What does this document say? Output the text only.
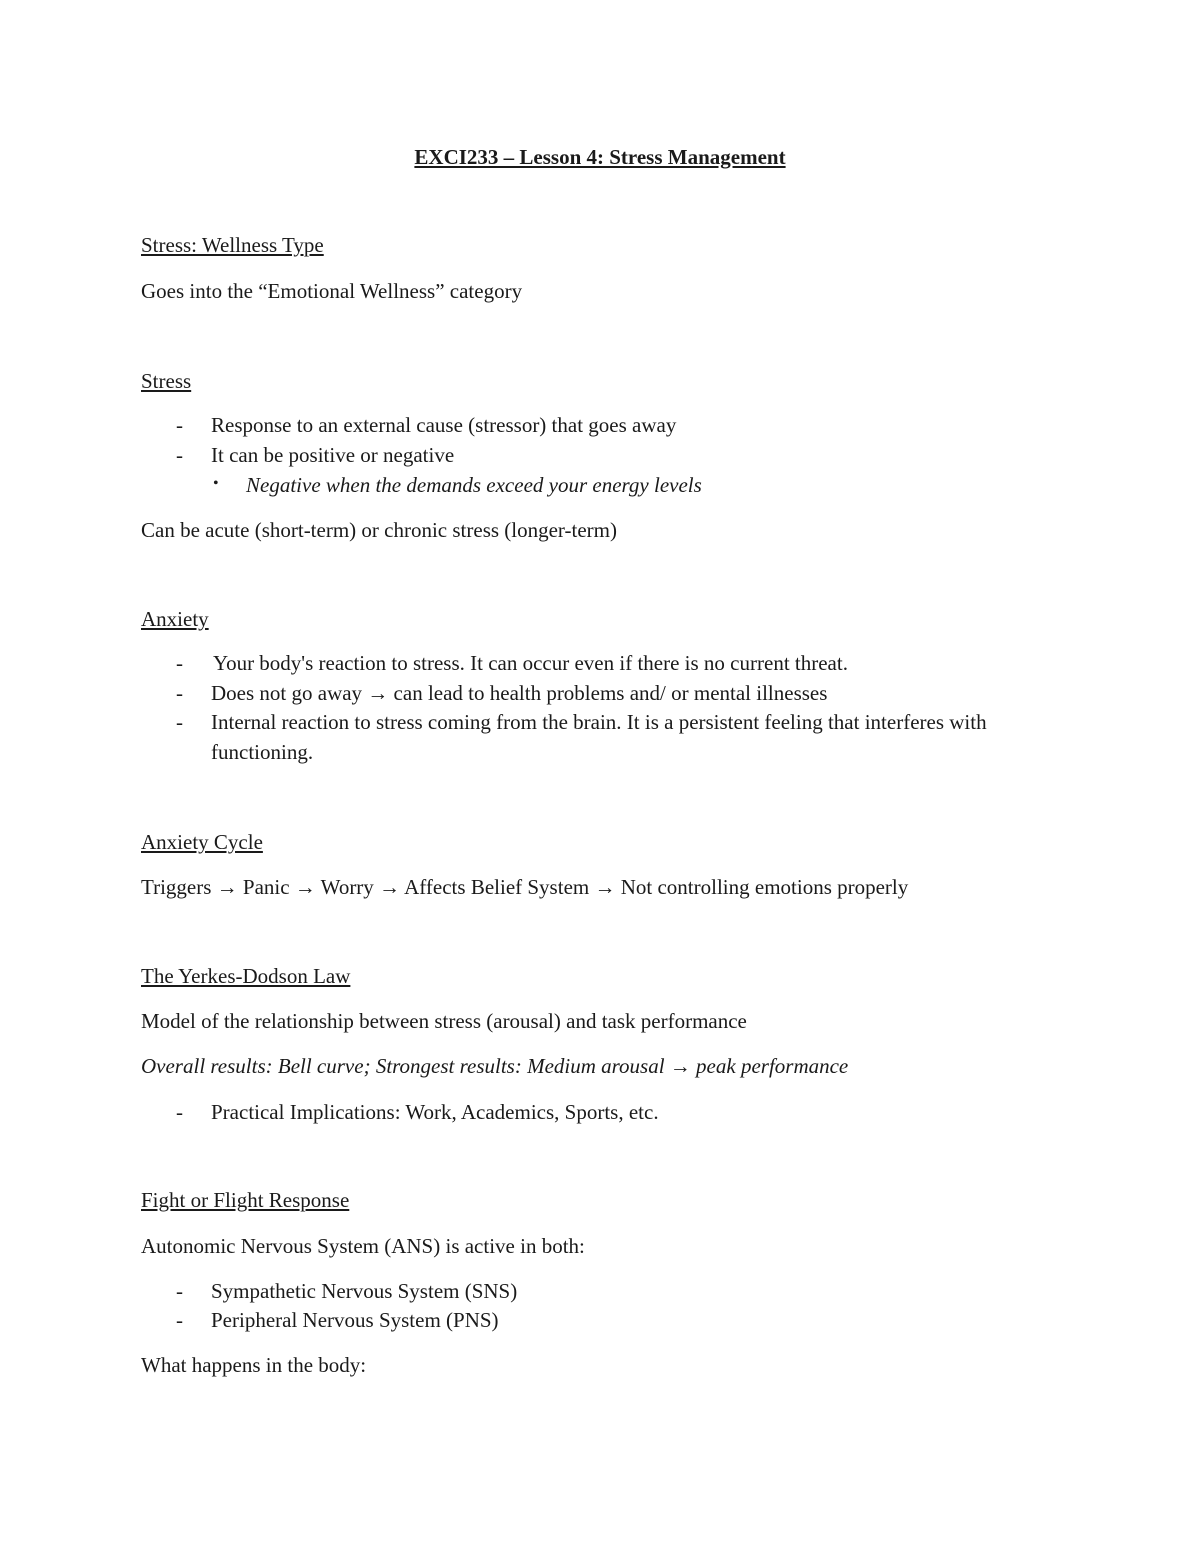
EXCI233 – Lesson 4: Stress Management

Stress: Wellness Type

Goes into the “Emotional Wellness” category

Stress

- Response to an external cause (stressor) that goes away

- It can be positive or negative

• Negative when the demands exceed your energy levels

Can be acute (short-term) or chronic stress (longer-term)

Anxiety

- Your body's reaction to stress. It can occur even if there is no current threat.

- Does not go away → can lead to health problems and/ or mental illnesses

- Internal reaction to stress coming from the brain. It is a persistent feeling that interferes with functioning.

Anxiety Cycle

Triggers → Panic → Worry → Affects Belief System → Not controlling emotions properly

The Yerkes-Dodson Law

Model of the relationship between stress (arousal) and task performance

Overall results: Bell curve; Strongest results: Medium arousal → peak performance

- Practical Implications: Work, Academics, Sports, etc.

Fight or Flight Response

Autonomic Nervous System (ANS) is active in both:

- Sympathetic Nervous System (SNS)

- Peripheral Nervous System (PNS)

What happens in the body:
